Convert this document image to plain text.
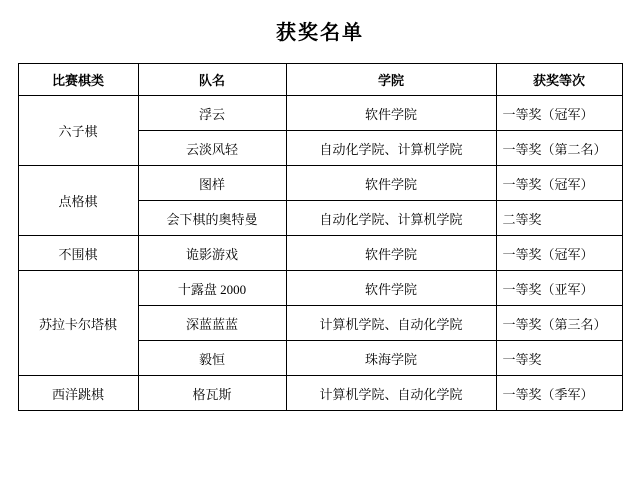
获奖名单
比赛棋类	队名	学院	获奖等次
六子棋	浮云	软件学院	一等奖（冠军）
	云淡风轻	自动化学院、计算机学院	一等奖（第二名）
点格棋	图样	软件学院	一等奖（冠军）
	会下棋的奥特曼	自动化学院、计算机学院	二等奖
不围棋	诡影游戏	软件学院	一等奖（冠军）
苏拉卡尔塔棋	十露盘 2000	软件学院	一等奖（亚军）
	深蓝蓝蓝	计算机学院、自动化学院	一等奖（第三名）
	毅恒	珠海学院	一等奖
西洋跳棋	格瓦斯	计算机学院、自动化学院	一等奖（季军）
